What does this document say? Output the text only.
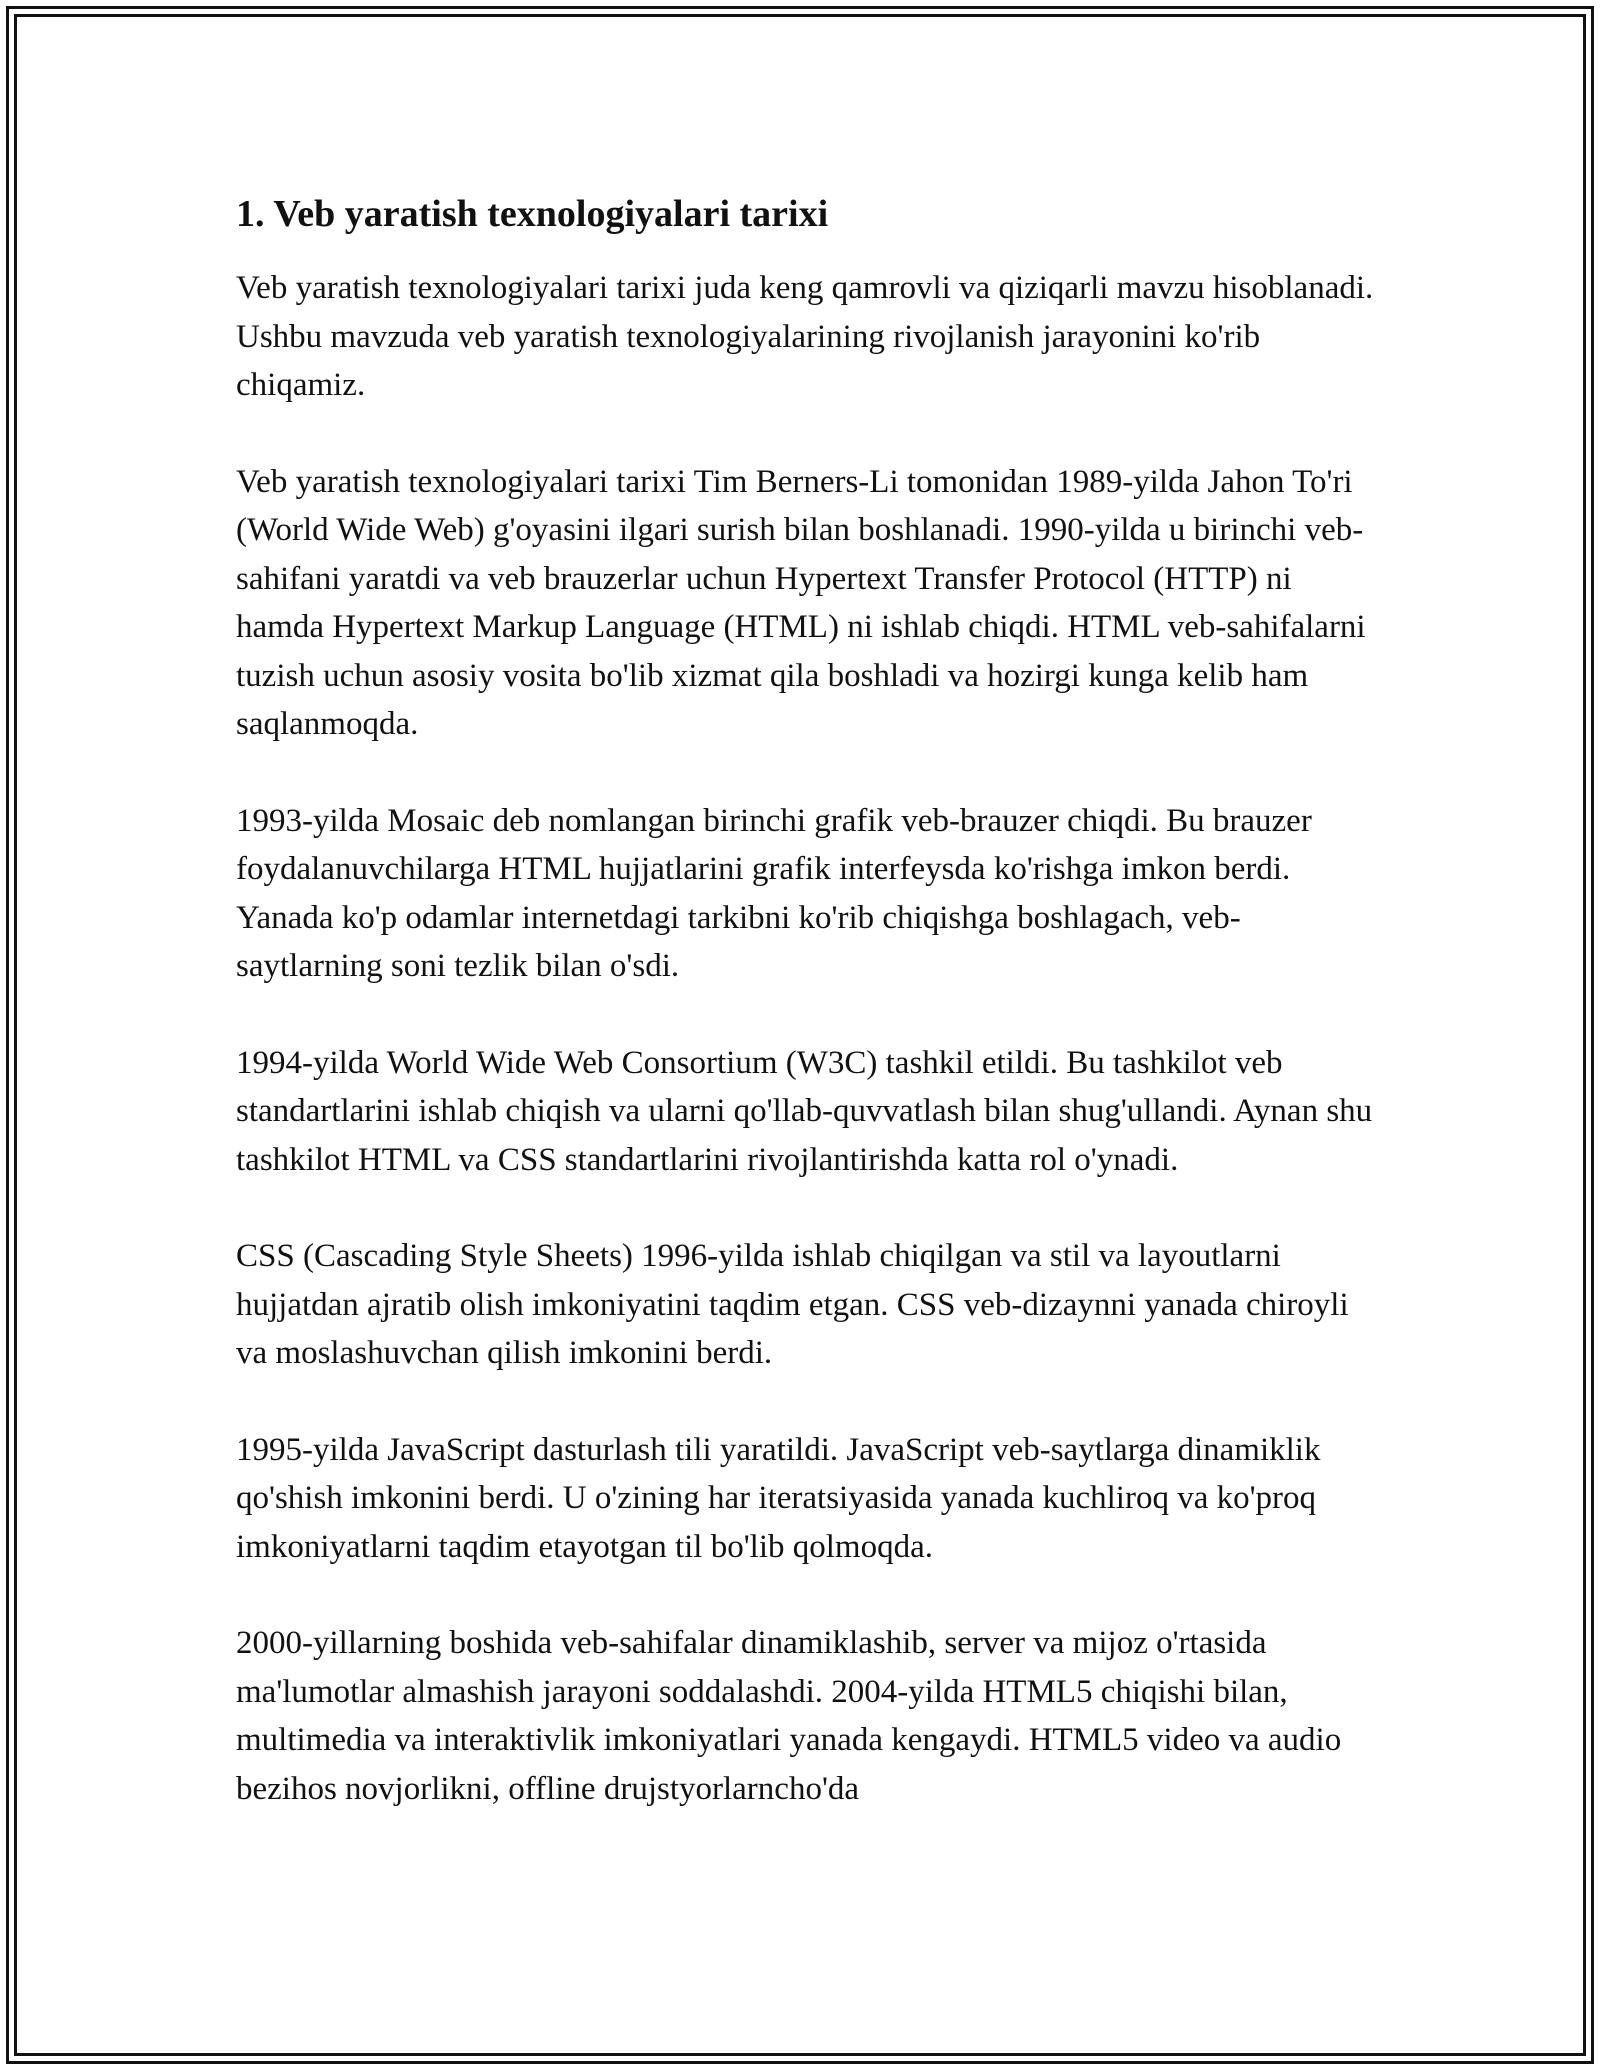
1. Veb yaratish texnologiyalari tarixi

Veb yaratish texnologiyalari tarixi juda keng qamrovli va qiziqarli mavzu hisoblanadi. Ushbu mavzuda veb yaratish texnologiyalarining rivojlanish jarayonini ko'rib chiqamiz.

Veb yaratish texnologiyalari tarixi Tim Berners-Li tomonidan 1989-yilda Jahon To'ri (World Wide Web) g'oyasini ilgari surish bilan boshlanadi. 1990-yilda u birinchi veb-sahifani yaratdi va veb brauzerlar uchun Hypertext Transfer Protocol (HTTP) ni hamda Hypertext Markup Language (HTML) ni ishlab chiqdi. HTML veb-sahifalarni tuzish uchun asosiy vosita bo'lib xizmat qila boshladi va hozirgi kunga kelib ham saqlanmoqda.

1993-yilda Mosaic deb nomlangan birinchi grafik veb-brauzer chiqdi. Bu brauzer foydalanuvchilarga HTML hujjatlarini grafik interfeysda ko'rishga imkon berdi. Yanada ko'p odamlar internetdagi tarkibni ko'rib chiqishga boshlagach, veb-saytlarning soni tezlik bilan o'sdi.

1994-yilda World Wide Web Consortium (W3C) tashkil etildi. Bu tashkilot veb standartlarini ishlab chiqish va ularni qo'llab-quvvatlash bilan shug'ullandi. Aynan shu tashkilot HTML va CSS standartlarini rivojlantirishda katta rol o'ynadi.

CSS (Cascading Style Sheets) 1996-yilda ishlab chiqilgan va stil va layoutlarni hujjatdan ajratib olish imkoniyatini taqdim etgan. CSS veb-dizaynni yanada chiroyli va moslashuvchan qilish imkonini berdi.

1995-yilda JavaScript dasturlash tili yaratildi. JavaScript veb-saytlarga dinamiklik qo'shish imkonini berdi. U o'zining har iteratsiyasida yanada kuchliroq va ko'proq imkoniyatlarni taqdim etayotgan til bo'lib qolmoqda.

2000-yillarning boshida veb-sahifalar dinamiklashib, server va mijoz o'rtasida ma'lumotlar almashish jarayoni soddalashdi. 2004-yilda HTML5 chiqishi bilan, multimedia va interaktivlik imkoniyatlari yanada kengaydi. HTML5 video va audio bezihos novjorlikni, offline drujstyorlarncho'da
